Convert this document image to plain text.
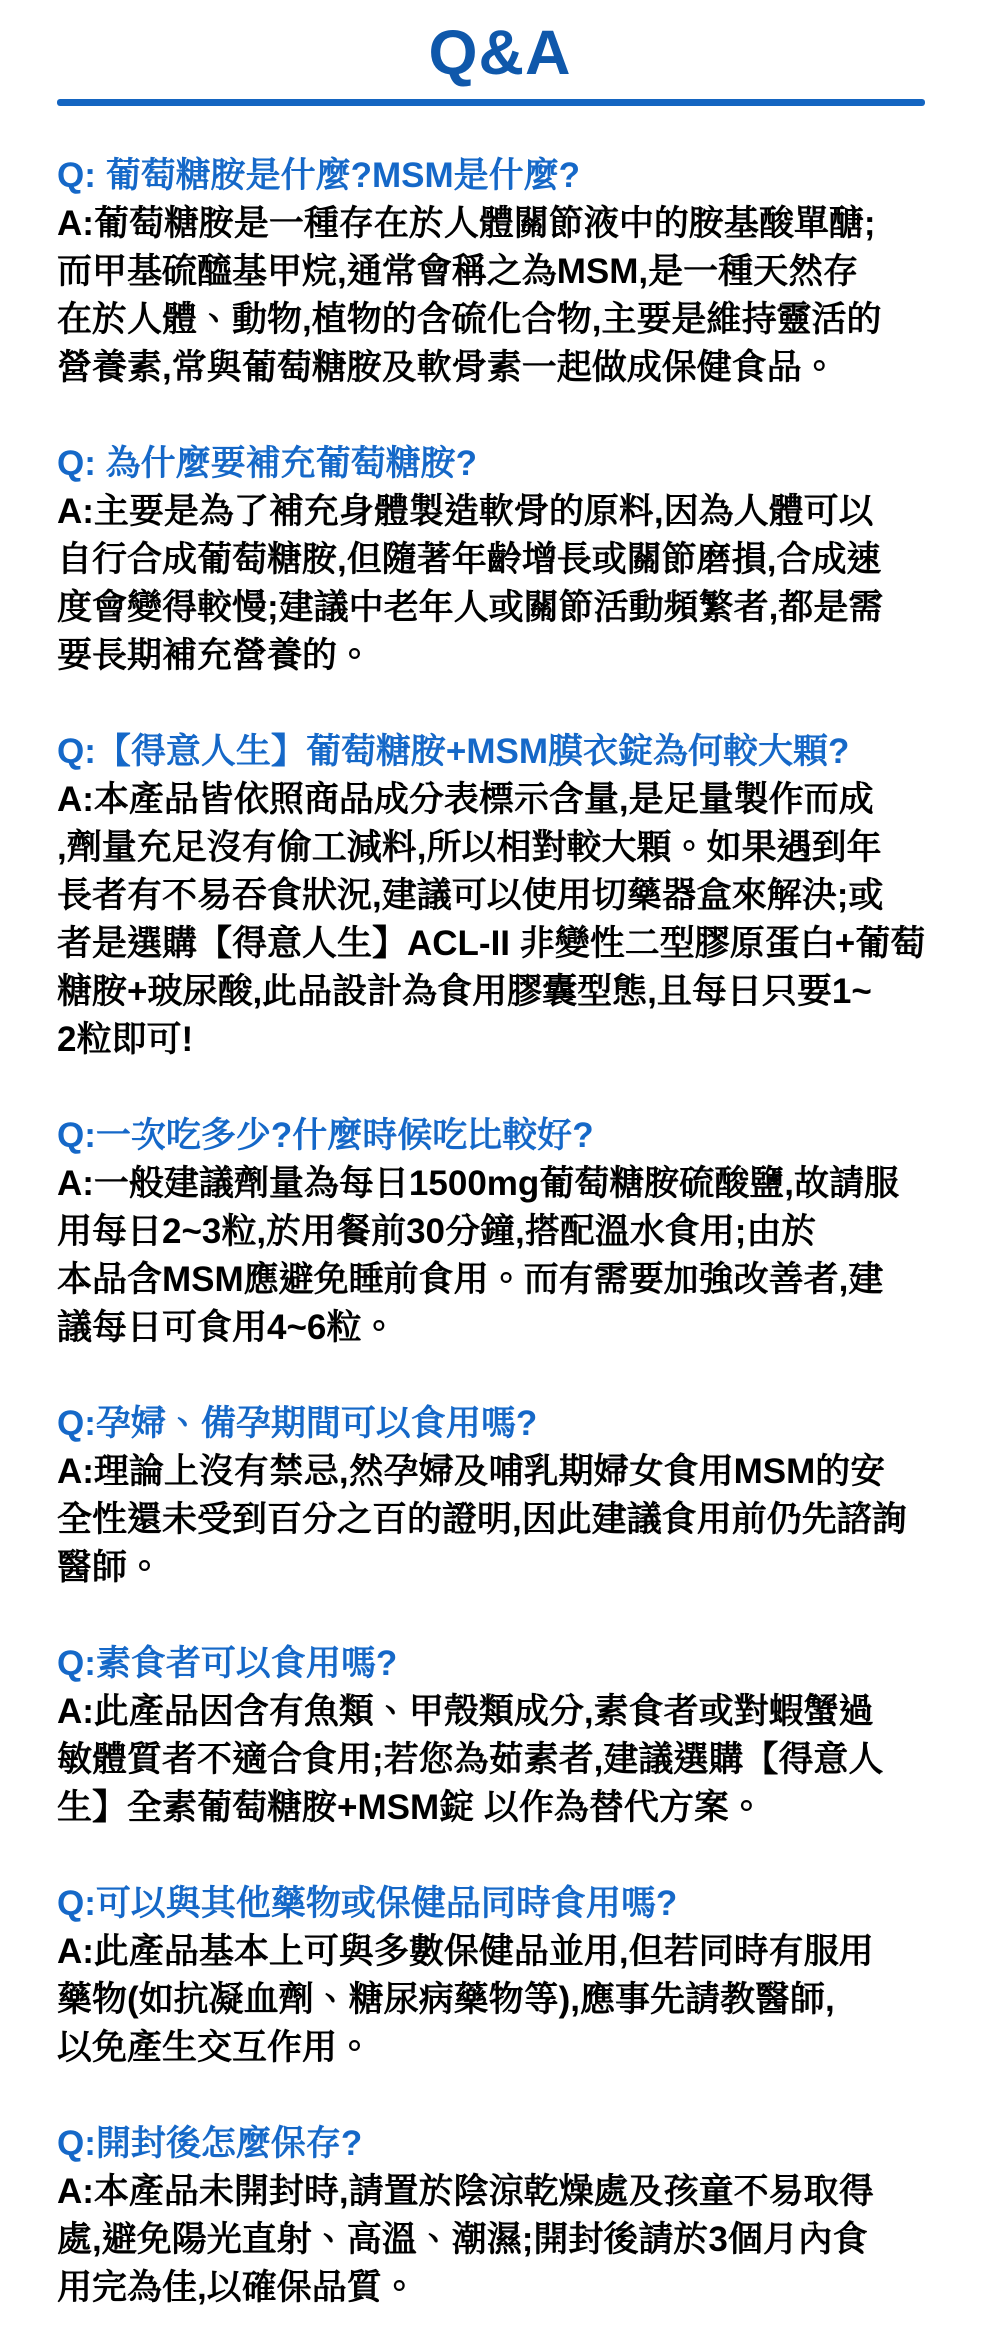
Q&A
Q: 葡萄糖胺是什麼?MSM是什麼?
A:葡萄糖胺是一種存在於人體關節液中的胺基酸單醣;
而甲基硫醯基甲烷,通常會稱之為MSM,是一種天然存
在於人體、動物,植物的含硫化合物,主要是維持靈活的
營養素,常與葡萄糖胺及軟骨素一起做成保健食品。
Q: 為什麼要補充葡萄糖胺?
A:主要是為了補充身體製造軟骨的原料,因為人體可以
自行合成葡萄糖胺,但隨著年齡增長或關節磨損,合成速
度會變得較慢;建議中老年人或關節活動頻繁者,都是需
要長期補充營養的。
Q:【得意人生】葡萄糖胺+MSM膜衣錠為何較大顆?
A:本產品皆依照商品成分表標示含量,是足量製作而成
,劑量充足沒有偷工減料,所以相對較大顆。如果遇到年
長者有不易吞食狀況,建議可以使用切藥器盒來解決;或
者是選購【得意人生】ACL-II 非變性二型膠原蛋白+葡萄
糖胺+玻尿酸,此品設計為食用膠囊型態,且每日只要1~
2粒即可!
Q:一次吃多少?什麼時候吃比較好?
A:一般建議劑量為每日1500mg葡萄糖胺硫酸鹽,故請服
用每日2~3粒,於用餐前30分鐘,搭配溫水食用;由於
本品含MSM應避免睡前食用。而有需要加強改善者,建
議每日可食用4~6粒。
Q:孕婦、備孕期間可以食用嗎?
A:理論上沒有禁忌,然孕婦及哺乳期婦女食用MSM的安
全性還未受到百分之百的證明,因此建議食用前仍先諮詢
醫師。
Q:素食者可以食用嗎?
A:此產品因含有魚類、甲殼類成分,素食者或對蝦蟹過
敏體質者不適合食用;若您為茹素者,建議選購【得意人
生】全素葡萄糖胺+MSM錠 以作為替代方案。
Q:可以與其他藥物或保健品同時食用嗎?
A:此產品基本上可與多數保健品並用,但若同時有服用
藥物(如抗凝血劑、糖尿病藥物等),應事先請教醫師,
以免產生交互作用。
Q:開封後怎麼保存?
A:本產品未開封時,請置於陰涼乾燥處及孩童不易取得
處,避免陽光直射、高溫、潮濕;開封後請於3個月內食
用完為佳,以確保品質。
